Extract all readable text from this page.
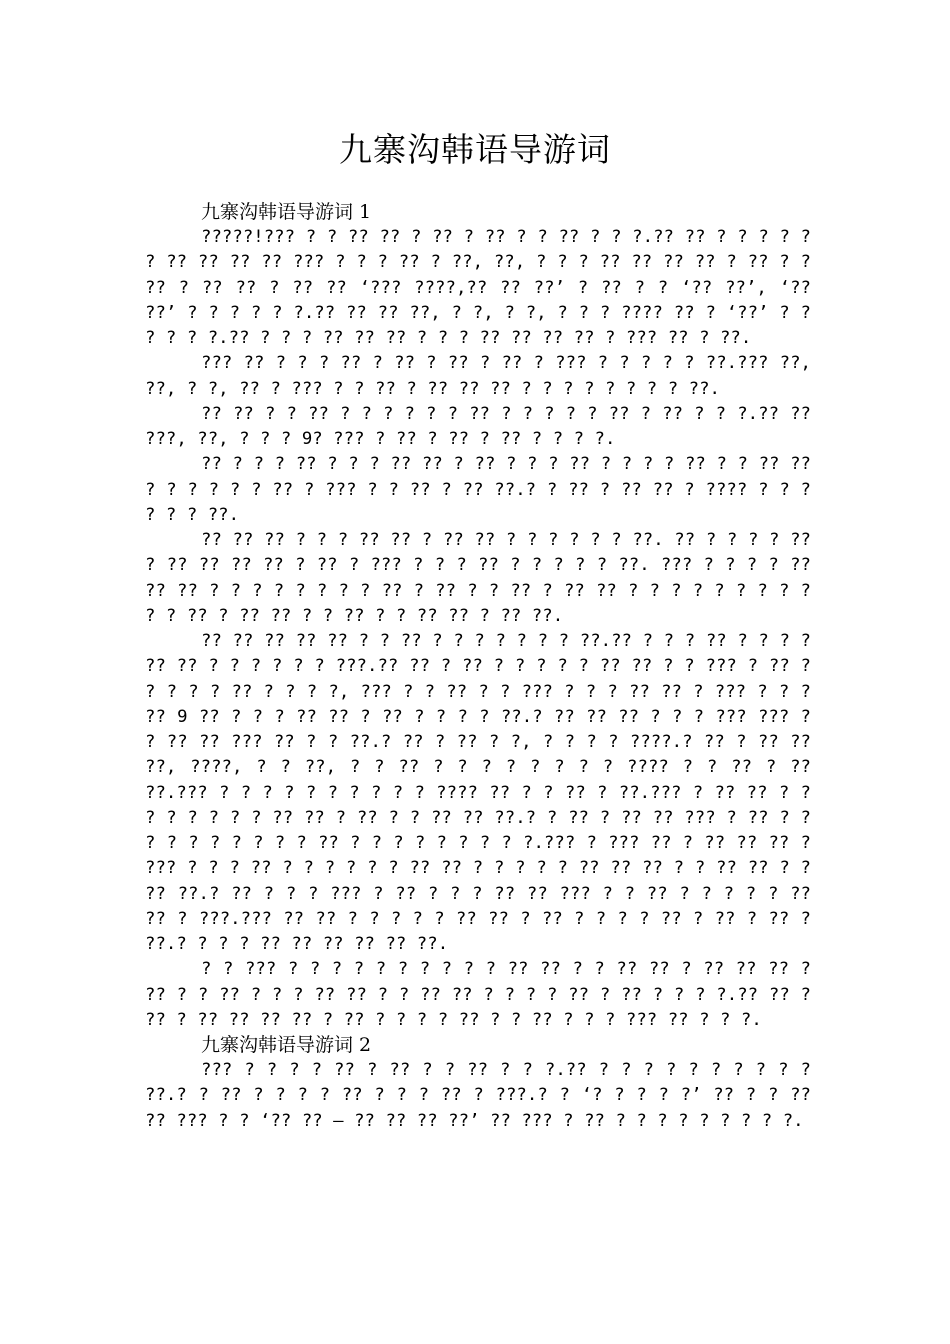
九寨沟韩语导游词

九寨沟韩语导游词 1

?????!??? ? ? ?? ?? ? ?? ? ?? ? ? ?? ? ? ?.?? ?? ? ? ? ? ? ? ?? ?? ?? ?? ??? ? ? ? ?? ? ??, ??, ? ? ? ?? ?? ?? ?? ? ?? ? ? ?? ? ?? ?? ? ?? ?? ‘??? ????,?? ?? ??’ ? ?? ? ? ‘?? ??’, ‘?? ??’ ? ? ? ? ? ?.?? ?? ?? ??, ? ?, ? ?, ? ? ? ???? ?? ? ‘??’ ? ? ? ? ? ?.?? ? ? ? ?? ?? ?? ? ? ? ?? ?? ?? ?? ? ??? ?? ? ??.

??? ?? ? ? ? ?? ? ?? ? ?? ? ?? ? ??? ? ? ? ? ? ??.??? ??, ??, ? ?, ?? ? ??? ? ? ?? ? ?? ?? ?? ? ? ? ? ? ? ? ? ??.

?? ?? ? ? ?? ? ? ? ? ? ? ?? ? ? ? ? ? ?? ? ?? ? ? ?.?? ?? ???, ??, ? ? ? 9? ??? ? ?? ? ?? ? ?? ? ? ? ?.

?? ? ? ? ?? ? ? ? ?? ?? ? ?? ? ? ? ?? ? ? ? ? ?? ? ? ?? ?? ? ? ? ? ? ? ?? ? ??? ? ? ?? ? ?? ??.? ? ?? ? ?? ?? ? ???? ? ? ? ? ? ? ??.

?? ?? ?? ? ? ? ?? ?? ? ?? ?? ? ? ? ? ? ? ??. ?? ? ? ? ? ?? ? ?? ?? ?? ?? ? ?? ? ??? ? ? ? ?? ? ? ? ? ? ??. ??? ? ? ? ? ?? ?? ?? ? ? ? ? ? ? ? ? ?? ? ?? ? ? ?? ? ?? ?? ? ? ? ? ? ? ? ? ? ? ? ?? ? ?? ?? ? ? ?? ? ? ?? ?? ? ?? ??.

?? ?? ?? ?? ?? ? ? ?? ? ? ? ? ? ? ? ??.?? ? ? ? ?? ? ? ? ? ?? ?? ? ? ? ? ? ? ???.?? ?? ? ?? ? ? ? ? ? ?? ?? ? ? ??? ? ?? ? ? ? ? ? ?? ? ? ? ?, ??? ? ? ?? ? ? ??? ? ? ? ?? ?? ? ??? ? ? ? ?? 9 ?? ? ? ? ?? ?? ? ?? ? ? ? ? ??.? ?? ?? ?? ? ? ? ??? ??? ? ? ?? ?? ??? ?? ? ? ??.? ?? ? ?? ? ?, ? ? ? ? ????.? ?? ? ?? ?? ??, ????, ? ? ??, ? ? ?? ? ? ? ? ? ? ? ? ???? ? ? ?? ? ?? ??.??? ? ? ? ? ? ? ? ? ? ? ???? ?? ? ? ?? ? ??.??? ? ?? ?? ? ? ? ? ? ? ? ? ?? ?? ? ?? ? ? ?? ?? ??.? ? ?? ? ?? ?? ??? ? ?? ? ? ? ? ? ? ? ? ? ? ?? ? ? ? ? ? ? ? ? ?.??? ? ??? ?? ? ?? ?? ?? ? ??? ? ? ? ?? ? ? ? ? ? ? ?? ?? ? ? ? ? ? ?? ?? ?? ? ? ?? ?? ? ? ?? ??.? ?? ? ? ? ??? ? ?? ? ? ? ?? ?? ??? ? ? ?? ? ? ? ? ? ?? ?? ? ???.??? ?? ?? ? ? ? ? ? ?? ?? ? ?? ? ? ? ? ?? ? ?? ? ?? ? ??.? ? ? ? ?? ?? ?? ?? ?? ??.

? ? ??? ? ? ? ? ? ? ? ? ? ? ?? ?? ? ? ?? ?? ? ?? ?? ?? ? ?? ? ? ?? ? ? ? ?? ?? ? ? ?? ?? ? ? ? ? ?? ? ?? ? ? ? ?.?? ?? ? ?? ? ?? ?? ?? ?? ? ?? ? ? ? ? ?? ? ? ?? ? ? ? ??? ?? ? ? ?.

九寨沟韩语导游词 2

??? ? ? ? ? ?? ? ?? ? ? ?? ? ? ?.?? ? ? ? ? ? ? ? ? ? ? ??.? ? ?? ? ? ? ? ?? ? ? ? ?? ? ???.? ? ‘? ? ? ? ?’ ?? ? ? ?? ?? ??? ? ? ‘?? ?? – ?? ?? ?? ??’ ?? ??? ? ?? ? ? ? ? ? ? ? ? ?.
